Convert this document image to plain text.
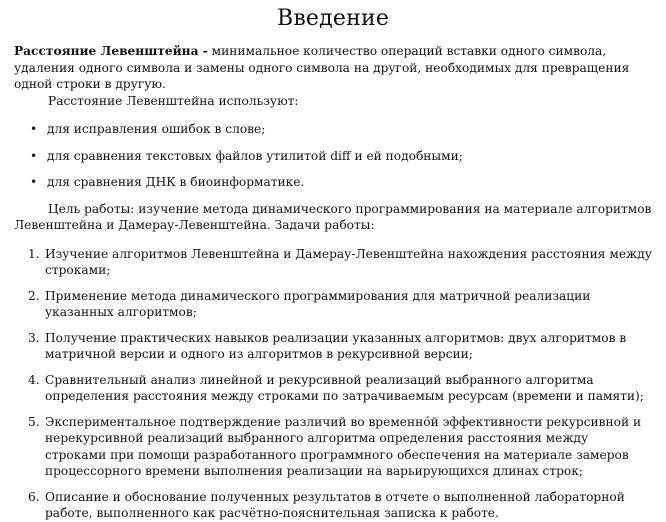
Введение

Расстояние Левенштейна - минимальное количество операций вставки одного символа, удаления одного символа и замены одного символа на другой, необходимых для превращения одной строки в другую.
Расстояние Левенштейна используют:

• для исправления ошибок в слове;
• для сравнения текстовых файлов утилитой diff и ей подобными;
• для сравнения ДНК в биоинформатике.

Цель работы: изучение метода динамического программирования на материале алгоритмов Левенштейна и Дамерау-Левенштейна. Задачи работы:

1. Изучение алгоритмов Левенштейна и Дамерау-Левенштейна нахождения расстояния между строками;
2. Применение метода динамического программирования для матричной реализации указанных алгоритмов;
3. Получение практических навыков реализации указанных алгоритмов: двух алгоритмов в матричной версии и одного из алгоритмов в рекурсивной версии;
4. Сравнительный анализ линейной и рекурсивной реализаций выбранного алгоритма определения расстояния между строками по затрачиваемым ресурсам (времени и памяти);
5. Экспериментальное подтверждение различий во временно́й эффективности рекурсивной и нерекурсивной реализаций выбранного алгоритма определения расстояния между строками при помощи разработанного программного обеспечения на материале замеров процессорного времени выполнения реализации на варьирующихся длинах строк;
6. Описание и обоснование полученных результатов в отчете о выполненной лабораторной работе, выполненного как расчётно-пояснительная записка к работе.
